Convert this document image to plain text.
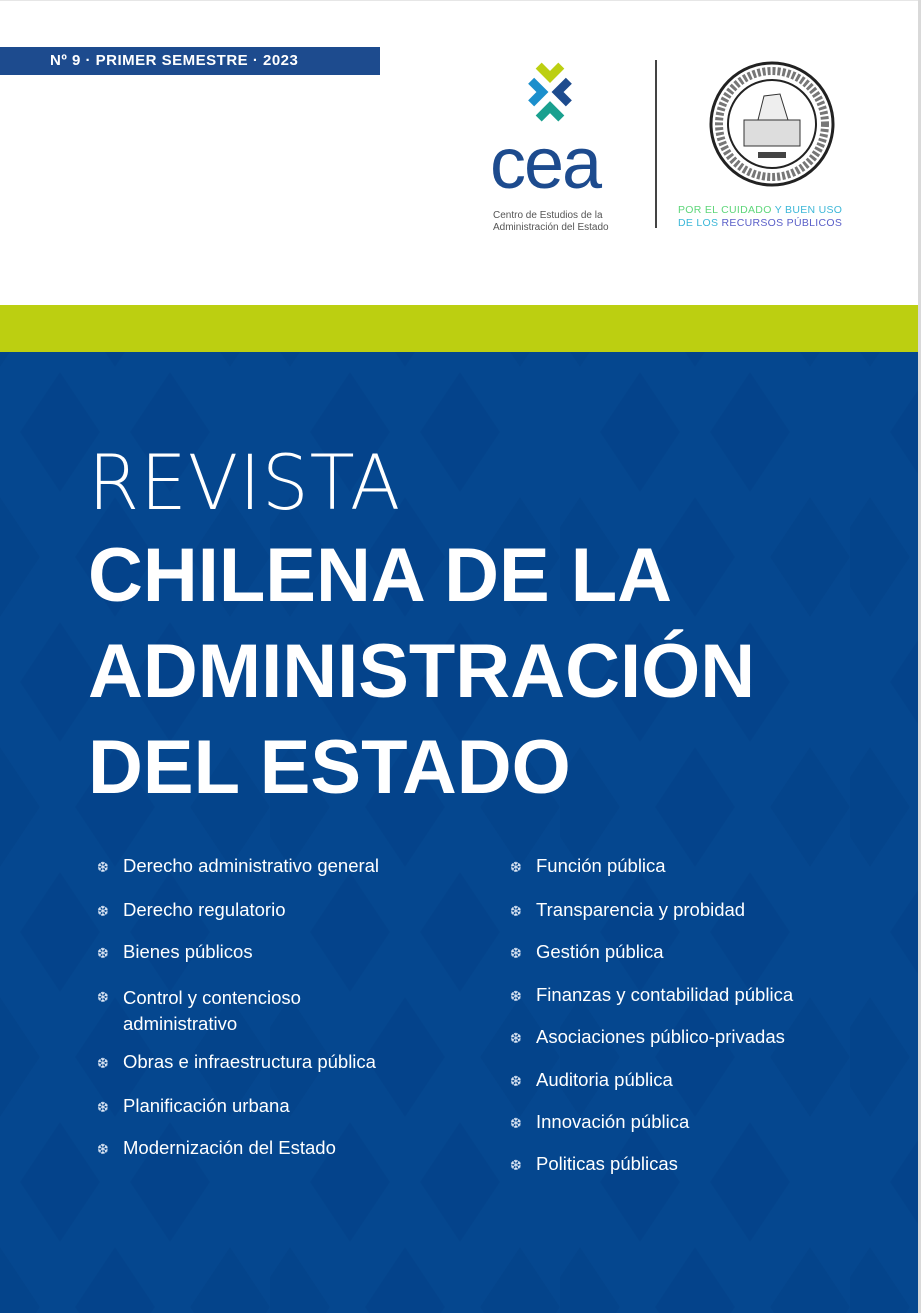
Nº 9 · PRIMER SEMESTRE · 2023
cea
Centro de Estudios de la
Administración del Estado
POR EL CUIDADO Y BUEN USO
DE LOS RECURSOS PÚBLICOS
REVISTA
CHILENA DE LA
ADMINISTRACIÓN
DEL ESTADO
❆ Derecho administrativo general
❆ Derecho regulatorio
❆ Bienes públicos
❆ Control y contencioso administrativo
❆ Obras e infraestructura pública
❆ Planificación urbana
❆ Modernización del Estado
❆ Función pública
❆ Transparencia y probidad
❆ Gestión pública
❆ Finanzas y contabilidad pública
❆ Asociaciones público-privadas
❆ Auditoria pública
❆ Innovación pública
❆ Politicas públicas
